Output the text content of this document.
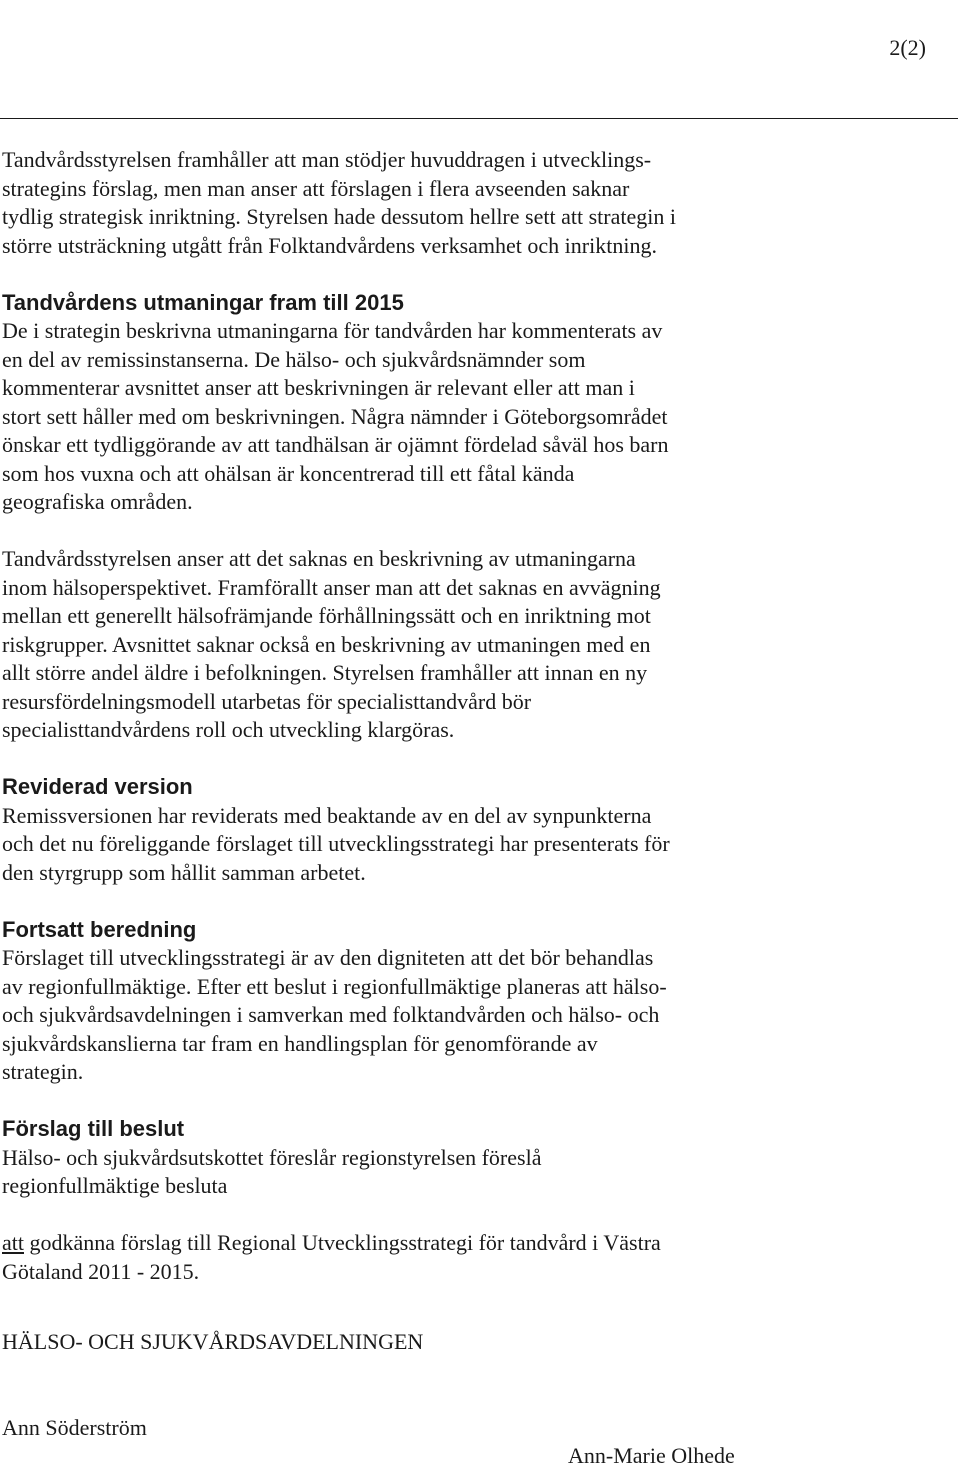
2(2)

Tandvårdsstyrelsen framhåller att man stödjer huvuddragen i utvecklings-

strategins förslag, men man anser att förslagen i flera avseenden saknar

tydlig strategisk inriktning. Styrelsen hade dessutom hellre sett att strategin i

större utsträckning utgått från Folktandvårdens verksamhet och inriktning.

Tandvårdens utmaningar fram till 2015

De i strategin beskrivna utmaningarna för tandvården har kommenterats av

en del av remissinstanserna. De hälso- och sjukvårdsnämnder som

kommenterar avsnittet anser att beskrivningen är relevant eller att man i

stort sett håller med om beskrivningen. Några nämnder i Göteborgsområdet

önskar ett tydliggörande av att tandhälsan är ojämnt fördelad såväl hos barn

som hos vuxna och att ohälsan är koncentrerad till ett fåtal kända

geografiska områden.

Tandvårdsstyrelsen anser att det saknas en beskrivning av utmaningarna

inom hälsoperspektivet. Framförallt anser man att det saknas en avvägning

mellan ett generellt hälsofrämjande förhållningssätt och en inriktning mot

riskgrupper. Avsnittet saknar också en beskrivning av utmaningen med en

allt större andel äldre i befolkningen. Styrelsen framhåller att innan en ny

resursfördelningsmodell utarbetas för specialisttandvård bör

specialisttandvårdens roll och utveckling klargöras.

Reviderad version

Remissversionen har reviderats med beaktande av en del av synpunkterna

och det nu föreliggande förslaget till utvecklingsstrategi har presenterats för

den styrgrupp som hållit samman arbetet.

Fortsatt beredning

Förslaget till utvecklingsstrategi är av den digniteten att det bör behandlas

av regionfullmäktige. Efter ett beslut i regionfullmäktige planeras att hälso-

och sjukvårdsavdelningen i samverkan med folktandvården och hälso- och

sjukvårdskanslierna tar fram en handlingsplan för genomförande av

strategin.

Förslag till beslut

Hälso- och sjukvårdsutskottet föreslår regionstyrelsen föreslå

regionfullmäktige besluta

att godkänna förslag till Regional Utvecklingsstrategi för tandvård i Västra

Götaland 2011 - 2015.

HÄLSO- OCH SJUKVÅRDSAVDELNINGEN
Ann Söderström
Ann-Marie Olhede
